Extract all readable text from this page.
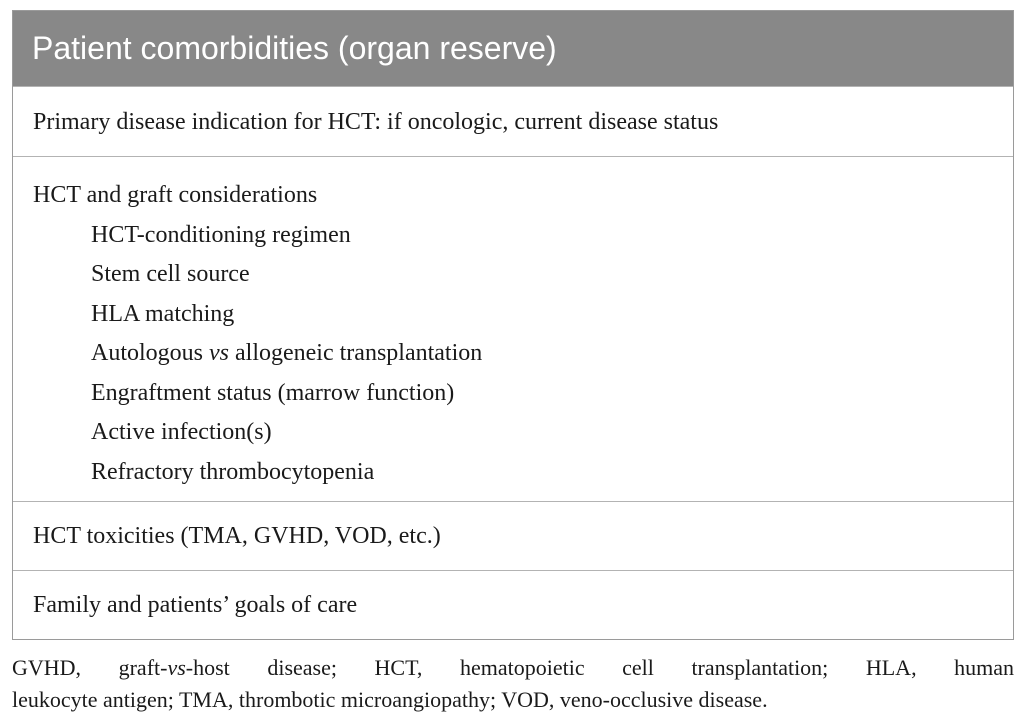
Patient comorbidities (organ reserve)
Primary disease indication for HCT: if oncologic, current disease status
HCT and graft considerations
HCT-conditioning regimen
Stem cell source
HLA matching
Autologous vs allogeneic transplantation
Engraftment status (marrow function)
Active infection(s)
Refractory thrombocytopenia
HCT toxicities (TMA, GVHD, VOD, etc.)
Family and patients’ goals of care
GVHD, graft-vs-host disease; HCT, hematopoietic cell transplantation; HLA, human
leukocyte antigen; TMA, thrombotic microangiopathy; VOD, veno-occlusive disease.
